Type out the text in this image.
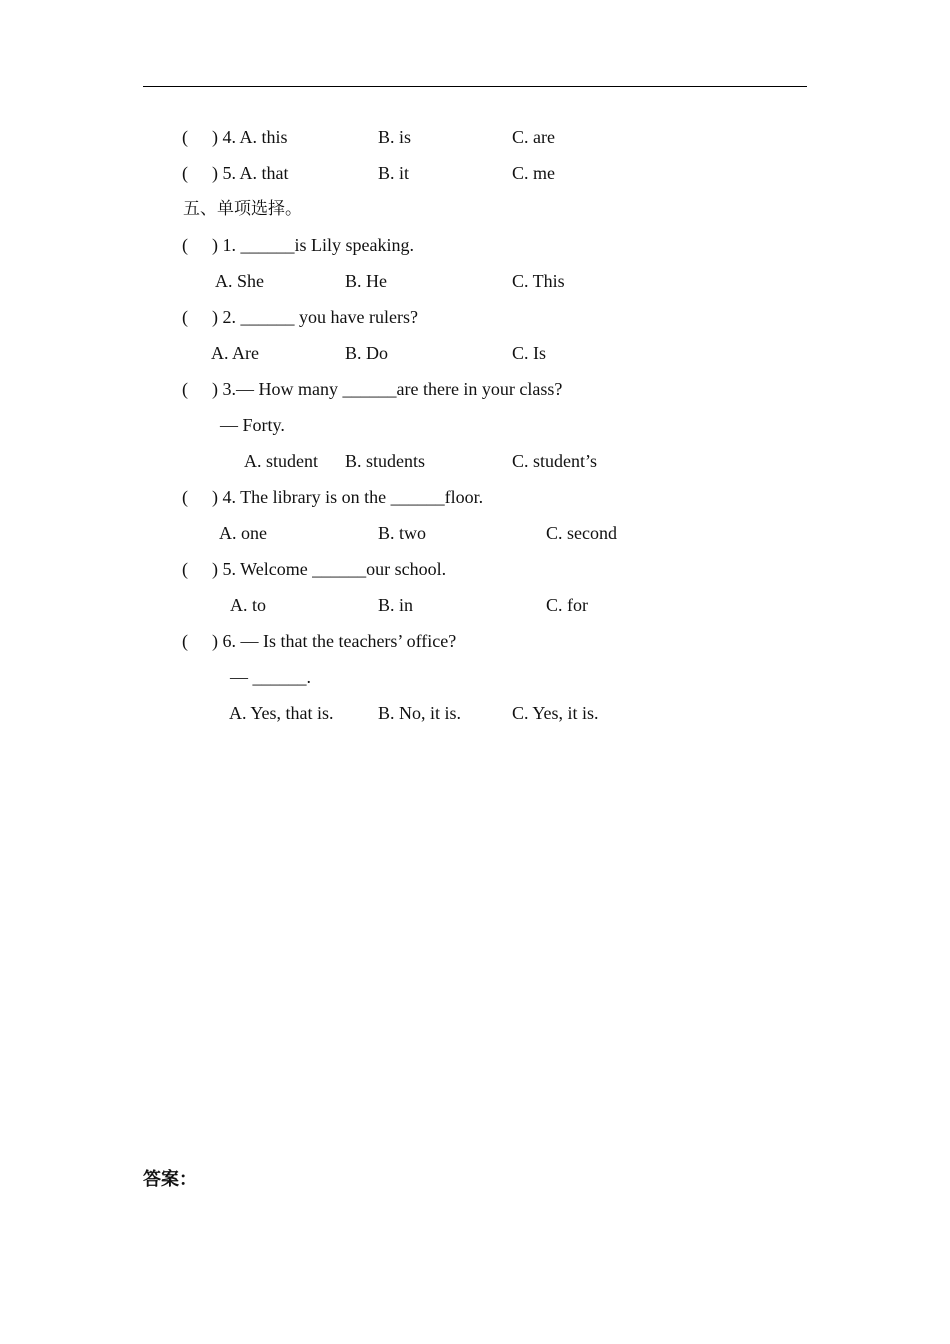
( ) 4. A. this	B. is	C. are
( ) 5. A. that	B. it	C. me
五、单项选择。
( ) 1. ______is Lily speaking.
A. She	B. He	C. This
( ) 2. ______ you have rulers?
A. Are	B. Do	C. Is
( ) 3.— How many ______are there in your class?
— Forty.
A. student B. students	C. student’s
( ) 4. The library is on the ______floor.
A. one	B. two	C. second
( ) 5. Welcome ______our school.
A. to	B. in	C. for
( ) 6. — Is that the teachers’ office?
— ______.
A. Yes, that is. B. No, it is.	C. Yes, it is.
答案：
